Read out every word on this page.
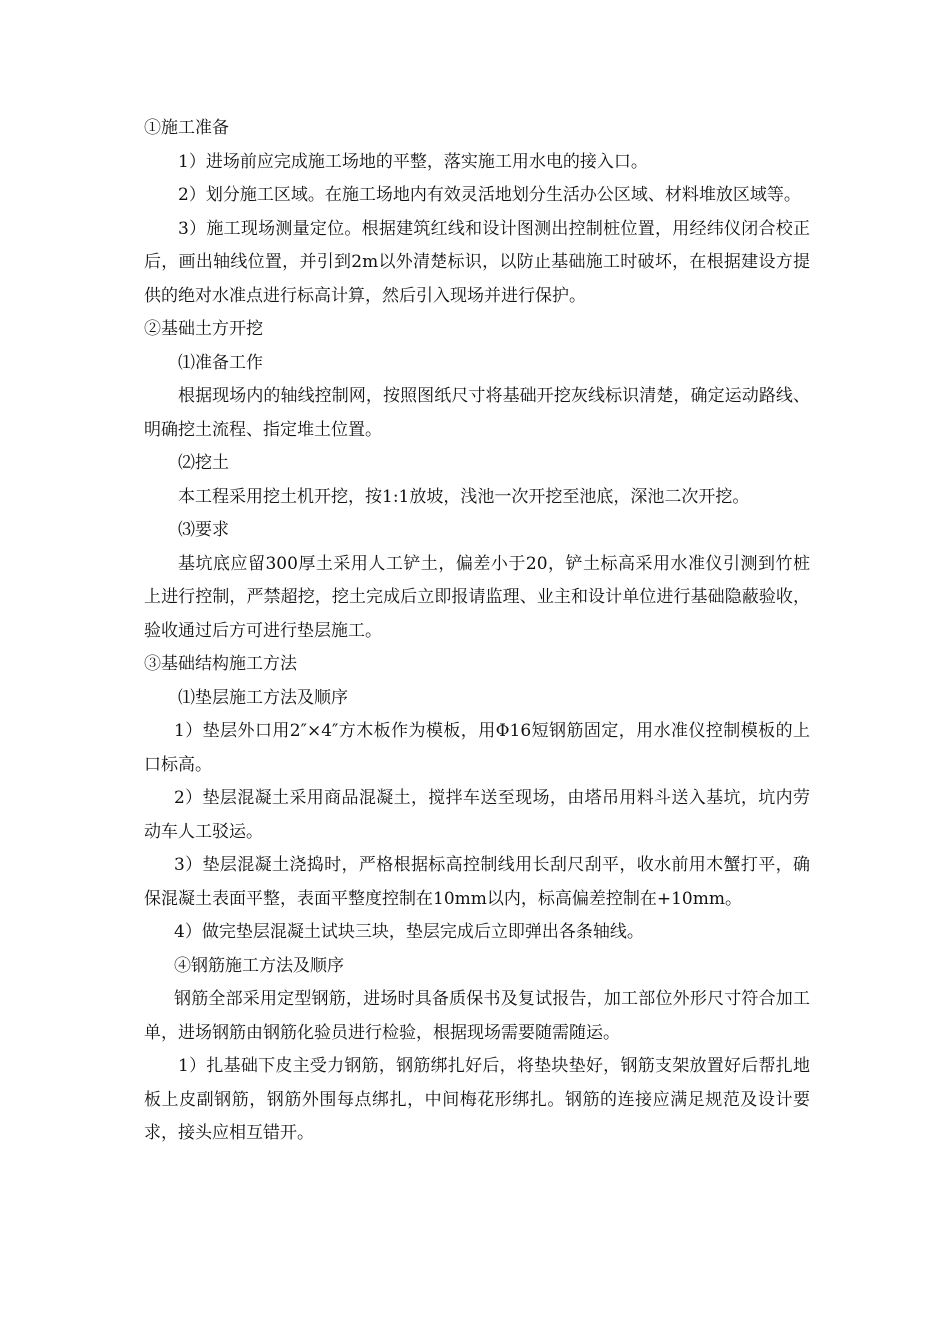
①施工准备

1）进场前应完成施工场地的平整，落实施工用水电的接入口。

2）划分施工区域。在施工场地内有效灵活地划分生活办公区域、材料堆放区域等。

3）施工现场测量定位。根据建筑红线和设计图测出控制桩位置，用经纬仪闭合校正后，画出轴线位置，并引到2m以外清楚标识，以防止基础施工时破坏，在根据建设方提供的绝对水准点进行标高计算，然后引入现场并进行保护。

②基础土方开挖

⑴准备工作

根据现场内的轴线控制网，按照图纸尺寸将基础开挖灰线标识清楚，确定运动路线、明确挖土流程、指定堆土位置。

⑵挖土

本工程采用挖土机开挖，按1:1放坡，浅池一次开挖至池底，深池二次开挖。

⑶要求

基坑底应留300厚土采用人工铲土，偏差小于20，铲土标高采用水准仪引测到竹桩上进行控制，严禁超挖，挖土完成后立即报请监理、业主和设计单位进行基础隐蔽验收，验收通过后方可进行垫层施工。

③基础结构施工方法

⑴垫层施工方法及顺序

1）垫层外口用2″×4″方木板作为模板，用Φ16短钢筋固定，用水准仪控制模板的上口标高。

2）垫层混凝土采用商品混凝土，搅拌车送至现场，由塔吊用料斗送入基坑，坑内劳动车人工驳运。

3）垫层混凝土浇捣时，严格根据标高控制线用长刮尺刮平，收水前用木蟹打平，确保混凝土表面平整，表面平整度控制在10mm以内，标高偏差控制在+10mm。

4）做完垫层混凝土试块三块，垫层完成后立即弹出各条轴线。

④钢筋施工方法及顺序

钢筋全部采用定型钢筋，进场时具备质保书及复试报告，加工部位外形尺寸符合加工单，进场钢筋由钢筋化验员进行检验，根据现场需要随需随运。

1）扎基础下皮主受力钢筋，钢筋绑扎好后，将垫块垫好，钢筋支架放置好后帮扎地板上皮副钢筋，钢筋外围每点绑扎，中间梅花形绑扎。钢筋的连接应满足规范及设计要求，接头应相互错开。
